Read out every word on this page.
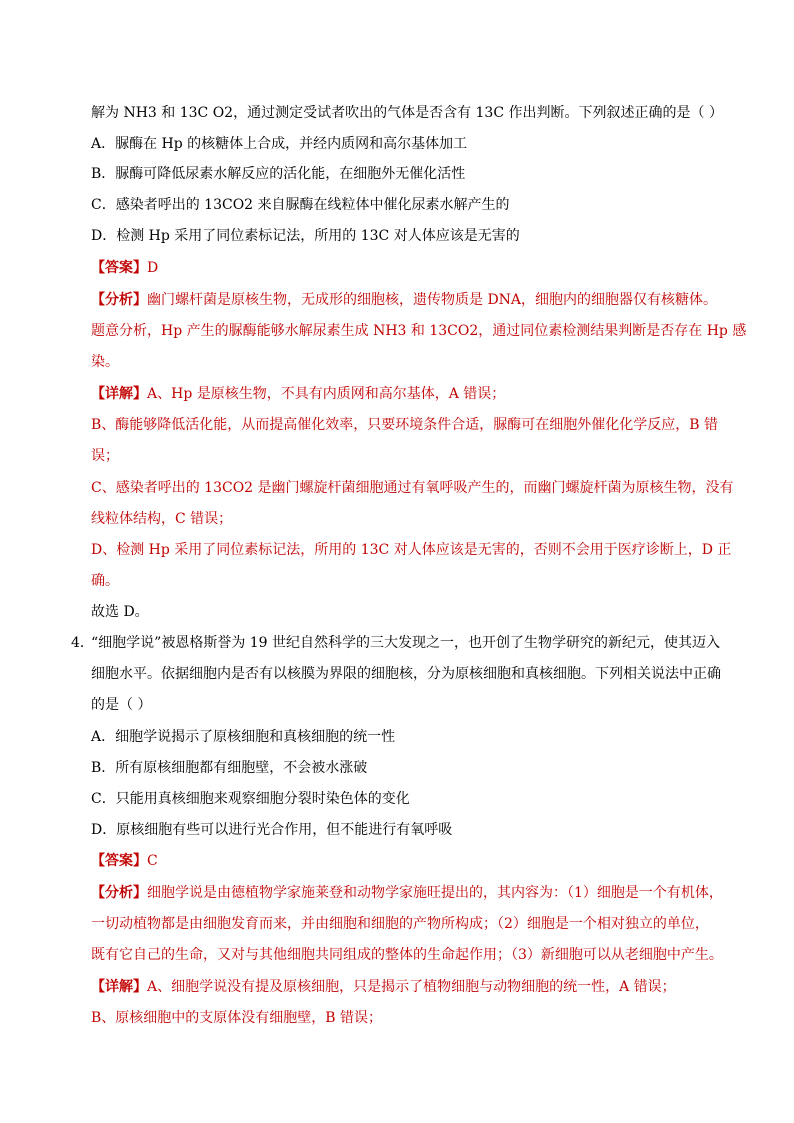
解为 NH3 和 13C O2，通过测定受试者吹出的气体是否含有 13C 作出判断。下列叙述正确的是（ ）
A．脲酶在 Hp 的核糖体上合成，并经内质网和高尔基体加工
B．脲酶可降低尿素水解反应的活化能，在细胞外无催化活性
C．感染者呼出的 13CO2 来自脲酶在线粒体中催化尿素水解产生的
D．检测 Hp 采用了同位素标记法，所用的 13C 对人体应该是无害的
【答案】D
【分析】幽门螺杆菌是原核生物，无成形的细胞核，遗传物质是 DNA，细胞内的细胞器仅有核糖体。
题意分析，Hp 产生的脲酶能够水解尿素生成 NH3 和 13CO2，通过同位素检测结果判断是否存在 Hp 感
染。
【详解】A、Hp 是原核生物，不具有内质网和高尔基体，A 错误；
B、酶能够降低活化能，从而提高催化效率，只要环境条件合适，脲酶可在细胞外催化化学反应，B 错
误；
C、感染者呼出的 13CO2 是幽门螺旋杆菌细胞通过有氧呼吸产生的，而幽门螺旋杆菌为原核生物，没有
线粒体结构，C 错误；
D、检测 Hp 采用了同位素标记法，所用的 13C 对人体应该是无害的，否则不会用于医疗诊断上，D 正
确。
故选 D。
4．
“细胞学说”被恩格斯誉为 19 世纪自然科学的三大发现之一，也开创了生物学研究的新纪元，使其迈入
细胞水平。依据细胞内是否有以核膜为界限的细胞核，分为原核细胞和真核细胞。下列相关说法中正确
的是（ ）
A．细胞学说揭示了原核细胞和真核细胞的统一性
B．所有原核细胞都有细胞壁，不会被水涨破
C．只能用真核细胞来观察细胞分裂时染色体的变化
D．原核细胞有些可以进行光合作用，但不能进行有氧呼吸
【答案】C
【分析】细胞学说是由德植物学家施莱登和动物学家施旺提出的，其内容为：（1）细胞是一个有机体，
一切动植物都是由细胞发育而来，并由细胞和细胞的产物所构成；（2）细胞是一个相对独立的单位，
既有它自己的生命，又对与其他细胞共同组成的整体的生命起作用；（3）新细胞可以从老细胞中产生。
【详解】A、细胞学说没有提及原核细胞，只是揭示了植物细胞与动物细胞的统一性，A 错误；
B、原核细胞中的支原体没有细胞壁，B 错误；
